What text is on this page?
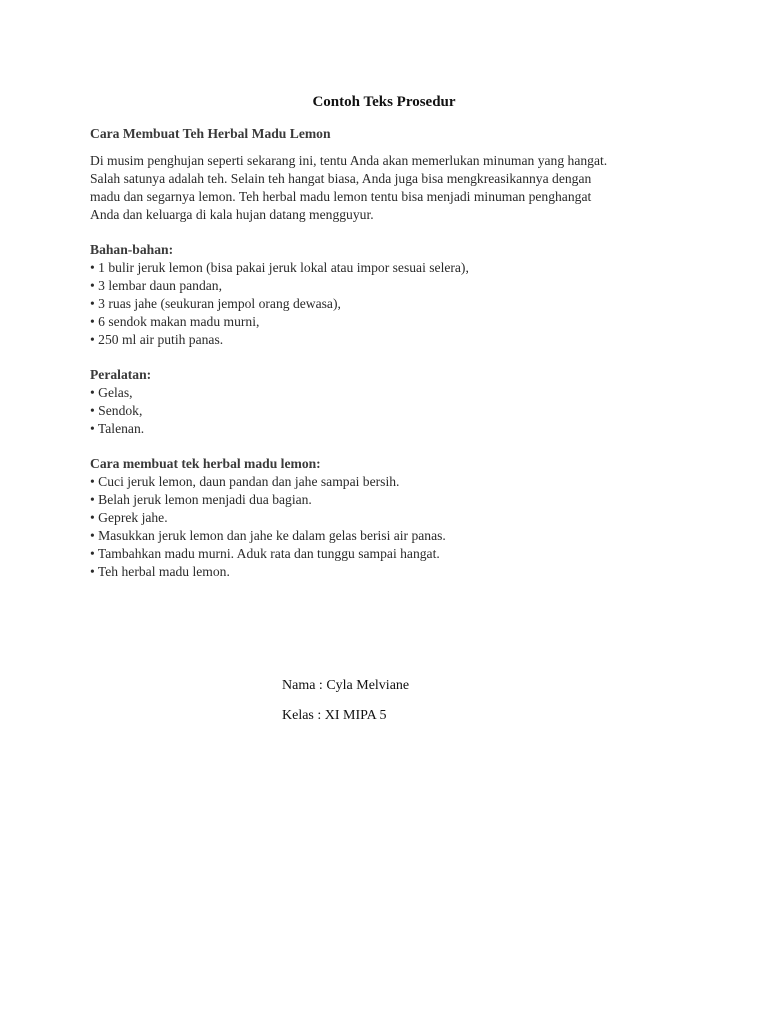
Contoh Teks Prosedur
Cara Membuat Teh Herbal Madu Lemon

Di musim penghujan seperti sekarang ini, tentu Anda akan memerlukan minuman yang hangat.

Salah satunya adalah teh. Selain teh hangat biasa, Anda juga bisa mengkreasikannya dengan

madu dan segarnya lemon. Teh herbal madu lemon tentu bisa menjadi minuman penghangat

Anda dan keluarga di kala hujan datang mengguyur.

Bahan-bahan:
• 1 bulir jeruk lemon (bisa pakai jeruk lokal atau impor sesuai selera),
• 3 lembar daun pandan,
• 3 ruas jahe (seukuran jempol orang dewasa),
• 6 sendok makan madu murni,
• 250 ml air putih panas.
Peralatan:
• Gelas,
• Sendok,
• Talenan.
Cara membuat tek herbal madu lemon:
• Cuci jeruk lemon, daun pandan dan jahe sampai bersih.
• Belah jeruk lemon menjadi dua bagian.
• Geprek jahe.
• Masukkan jeruk lemon dan jahe ke dalam gelas berisi air panas.
• Tambahkan madu murni. Aduk rata dan tunggu sampai hangat.
• Teh herbal madu lemon.
Nama : Cyla Melviane
Kelas : XI MIPA 5
